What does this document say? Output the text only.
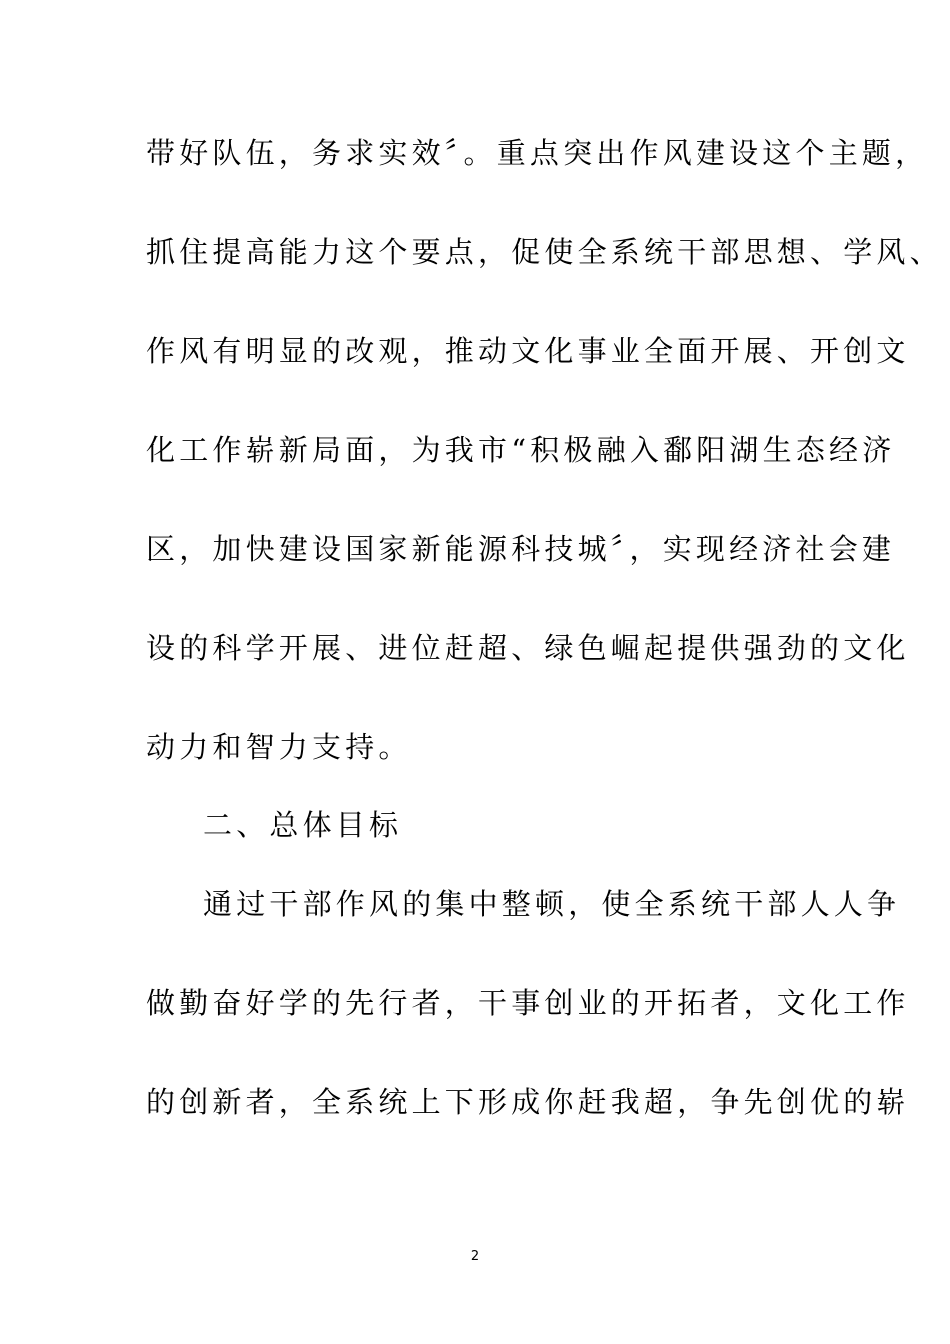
带好队伍，务求实效〞。重点突出作风建设这个主题，
抓住提高能力这个要点，促使全系统干部思想、学风、
作风有明显的改观，推动文化事业全面开展、开创文
化工作崭新局面，为我市“积极融入鄱阳湖生态经济
区，加快建设国家新能源科技城〞，实现经济社会建
设的科学开展、进位赶超、绿色崛起提供强劲的文化
动力和智力支持。
二、总体目标
通过干部作风的集中整顿，使全系统干部人人争
做勤奋好学的先行者，干事创业的开拓者，文化工作
的创新者，全系统上下形成你赶我超，争先创优的崭
2
